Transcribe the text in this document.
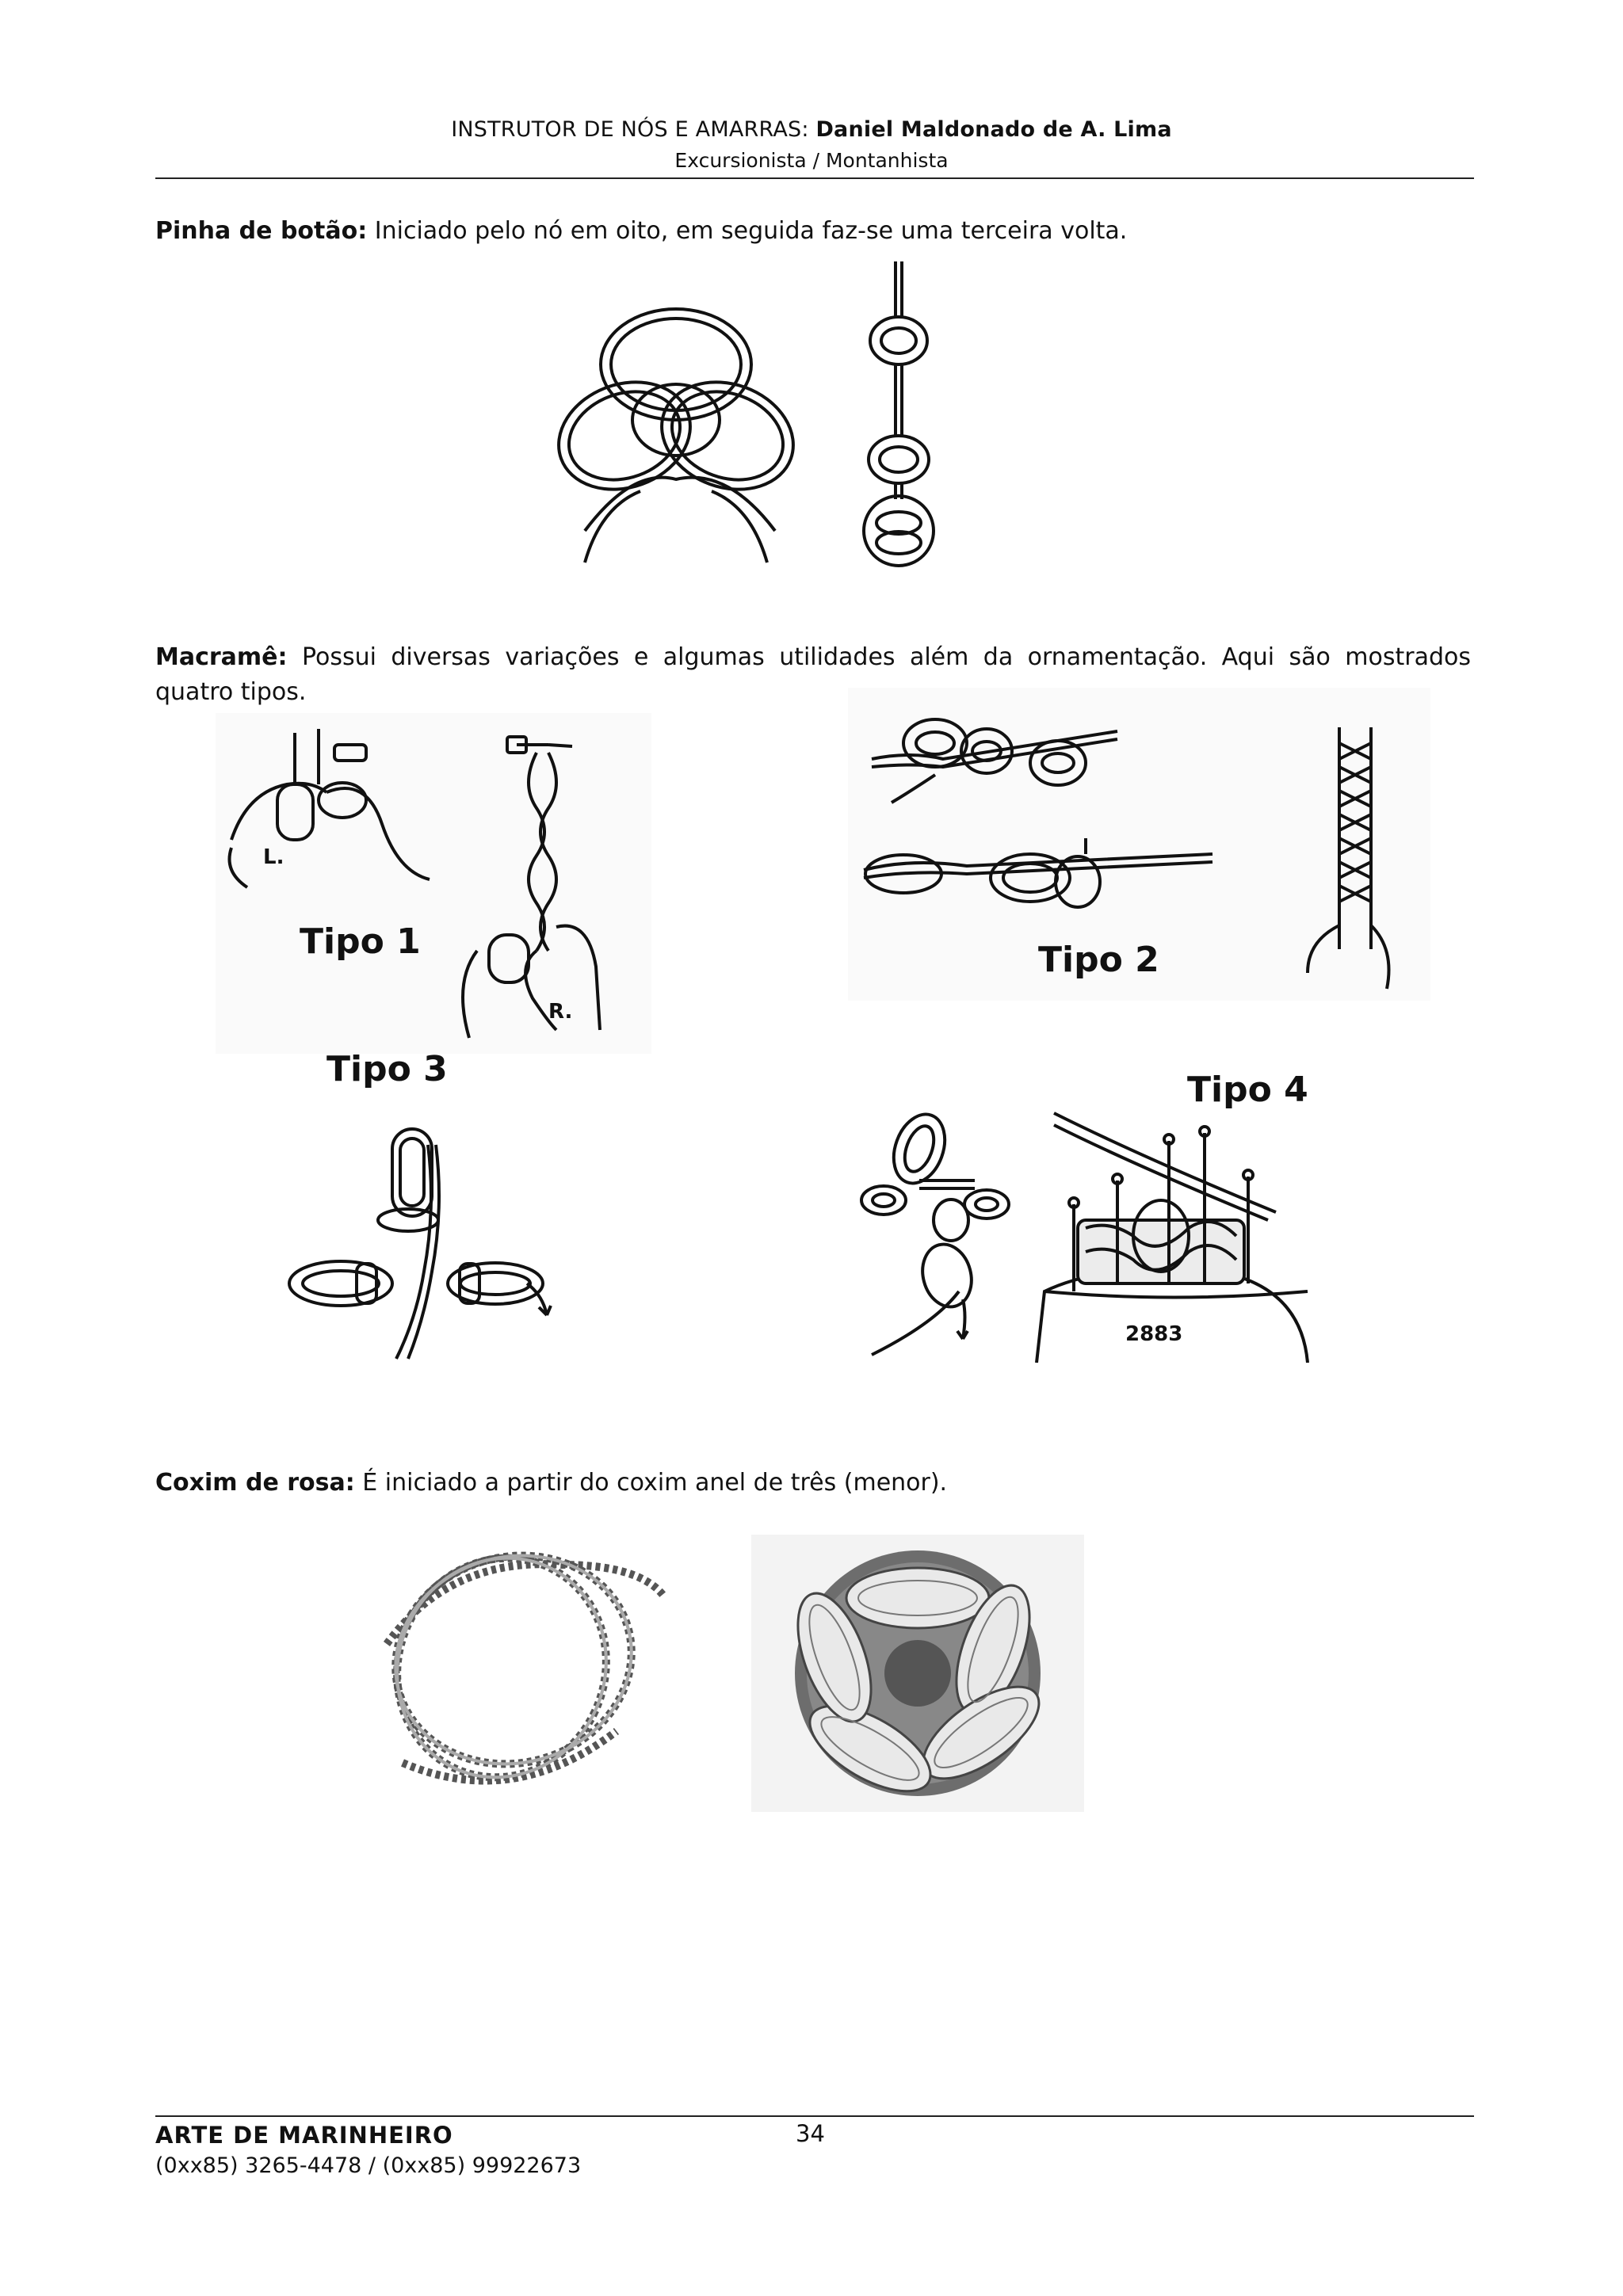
INSTRUTOR DE NÓS E AMARRAS: Daniel Maldonado de A. Lima
Excursionista / Montanhista
Pinha de botão: Iniciado pelo nó em oito, em seguida faz-se uma terceira volta.
Macramê: Possui diversas variações e algumas utilidades além da ornamentação. Aqui são mostrados quatro tipos.
L.
R.
Tipo 1	Tipo 2
Tipo 3
Tipo 4
2883
Coxim de rosa: É iniciado a partir do coxim anel de três (menor).
ARTE DE MARINHEIRO
(0xx85) 3265-4478 / (0xx85) 99922673
34
